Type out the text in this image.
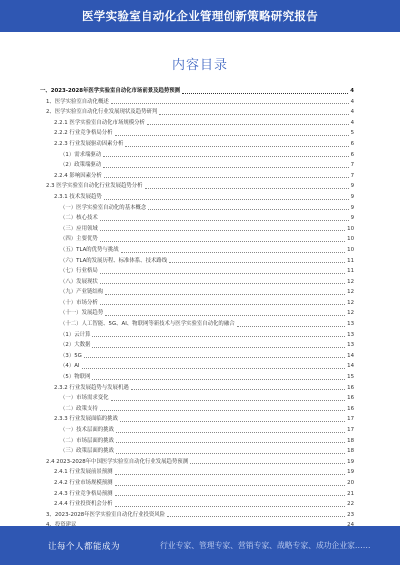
医学实验室自动化企业管理创新策略研究报告
内容目录
一、2023-2028年医学实验室自动化市场前景及趋势预测	4
1、医学实验室自动化概述	4
2、医学实验室自动化行业发展现状及趋势研判	4
2.2.1 医学实验室自动化市场规模分析	4
2.2.2 行业竞争格局分析	5
2.2.3 行业发展驱动因素分析	6
（1）需求端驱动	6
（2）政策端驱动	7
2.2.4 影响因素分析	7
2.3 医学实验室自动化行业发展趋势分析	9
2.3.1 技术发展趋势	9
（一）医学实验室自动化的基本概念	9
（二）核心技术	9
（三）应用领域	10
（四）主要优势	10
（五）TLA的优势与挑战	10
（六）TLA的发展历程、标准体系、技术路线	11
（七）行业格局	11
（八）发展现状	12
（九）产业链结构	12
（十）市场分析	12
（十一）发展趋势	12
（十二）人工智能、5G、AI、物联网等新技术与医学实验室自动化的融合	13
（1）云计算	13
（2）大数据	13
（3）5G	14
（4）AI	14
（5）物联网	15
2.3.2 行业发展趋势与发展机遇	16
（一）市场需求变化	16
（二）政策支持	16
2.3.3 行业发展面临的挑战	17
（一）技术层面的挑战	17
（二）市场层面的挑战	18
（三）政策层面的挑战	18
2.4 2023-2028年中国医学实验室自动化行业发展趋势预测	19
2.4.1 行业发展前景预测	19
2.4.2 行业市场规模预测	20
2.4.3 行业竞争格局预测	21
2.4.4 行业投资机会分析	22
3、2023-2028年医学实验室自动化行业投资风险	23
让每个人都能成为	行业专家、管理专家、营销专家、战略专家、成功企业家……
